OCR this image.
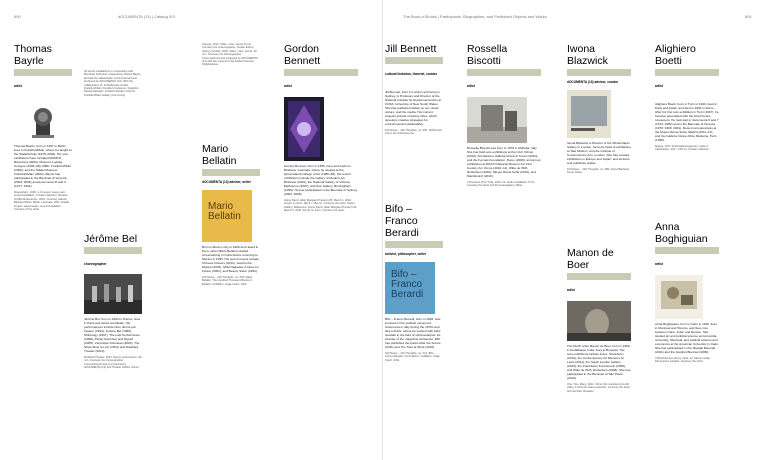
690	dOCUMENTA (13) | Catalog 3/3
Thomas Bayrle
artist
Thomas Bayrle, born in 1937 in Berlin, lives in Frankfurt/Main, where he taught at the Städelschule (1975–2002). His solo exhibitions have included MAMCO, Barcelona (2009), Museum Ludwig, Cologne (2006–09), MMK, Frankfurt/Main (2006), and the Städel Museum, Frankfurt/Main (2002). Bayrle has participated in the Biennale di Venezia (2003; 2009) and documenta III and II (1977; 1964).
Rosenkranz, 2009. 1-ch sound, seven-part, sound installation. Private collection. Rosarie-Ich-Bei-Rosenkranz, 2010. Courtesy Galerie Barbara Weiss, Berlin. Laminate, 2011. Radial engine, sewed seam, sound installation. Courtesy of the artist.
All sound installations in cooperation with Bernhard Schreiner, engineering: Robert Bayrle and Helmut Jakubowski. Commissioned and produced by dOCUMENTA (13). With the collaboration of: Schaufenster GmbH. Frankfurt/Main; Frankfurt Cantorum; Frankfurt Passionstheater; Frankfurt Modern Church; Frankfurt/Main Gallery Community.
Jérôme Bel
choreographer
Jérôme Bel, born in 1964 in France, lives in Paris and works worldwide. His performances include Nom donné par l'auteur (1994), Jérôme Bel (1995), Shirtology (1997), The Last Performance (1998), Pichet Klunchun and Myself (2005), Véronique Doisneau (2004), The Show Must Go On (2001) and Disabled Theater (2012).
Disabled Theater, 2012. Dance performance. 90 min. Courtesy the choreographer. Commissioned and co-produced by dOCUMENTA (13) and Theater HORA, Zurich.
Canvas, 2010. Video, color, sound. 8 min. Courtesy the choreographer. Kodwo Eshun. Acting in Public, 2010. Video, color, sound. 20 min. Courtesy the choreographer. Commissioned and produced by dOCUMENTA (13) with the support of the Institut Français d'Afghanistan.
Mario Bellatin
dOCUMENTA (13) adviser, writer
Mario
Bellatin
Born in Mexico City in 1960 and raised in Peru, writer Mario Bellatin studied screenwriting in Cuba before returning to Mexico in 1995. His recent novels include Chinese Flowers (2012), Jacobo the Mutant (2002), Shiki Nagaoka: A Nose for Fiction (2001), and Beauty Salon (1994).
100 Notes – 100 Thoughts, no. 003. Mario Bellatin, The Hundred Thousand Books of Bellatin. Ostfildern: Hatje Cantz, 2011.
Gordon Bennett
artist
Gordon Bennett, born in 1955, lives and works in Brisbane, Australia, where he studied at the Queensland College of Art (1986–88). His recent exhibitions include the Gallery of Modern Art, Brisbane (2010), the National Gallery of Victoria, Melbourne (2007), and Ikon Gallery, Birmingham (1999). He has participated in the Biennale of Sydney (2000; 2008).
Home Décor (after Margaret Preston) #5, March 1, 2010. Acrylic on linen. 152.5 × 152 cm. Courtesy the artist, Sutton Gallery, Melbourne. Home Décor (after Margaret Preston) #6, March 3, 2010. Acrylic on linen. Courtesy the artist.
The Book of Books | Participants, Biographies, and Published Objects and Works	691
Jill Bennett
cultural historian, theorist, curator
Jill Bennett, born in London and living in Sydney, is Professor and Director of the National Institute for Experimental Arts at COFA, University of New South Wales. She has published widely on art, visual culture, and the media. Her current projects include Cooking Cities, which develops creative strategies for environmental sustainability.
100 Notes – 100 Thoughts, no. 053. Jill Bennett, Life in the Anthropocene.
Bifo – Franco Berardi
activist, philosopher, writer
Bifo –
Franco
Berardi
Bifo – Franco Berardi, born in 1949, was involved in the political movement Autonomia in Italy during the 1970s and fled to Paris, where he worked with Félix Guattari in the field of schizoanalysis. As founder of the magazine A/traverso, Bifo has published the books After the Future (2011) and The Soul at Work (2010).
100 Notes – 100 Thoughts, no. 021. Bifo – Franco Berardi, Ironic Ethics. Ostfildern: Hatje Cantz, 2011.
Rossella Biscotti
artist
Rossella Biscotti was born in 1978 in Molfetta, Italy. She has held solo exhibitions at the CAC Vilnius (2012), Fondazione Galleria Civica di Trento (2010), and the Fermas Foundation, Rome (2009), and group exhibitions at MAXXI National Museum for 21st Century Art, Rome (2010–11), Witte de With, Rotterdam (2010), Museo Reina Sofía (2010), and Manifesta 8 (2010).
Il Processo (The Trial), 2010–12. Audio installation, 8 hrs. Courtesy the artist and Prometeogallery, Milan.
Iwona Blazwick
dOCUMENTA (13) adviser, curator
Iwona Blazwick is Director of the Whitechapel Gallery in London, formerly head of exhibitions at Tate Modern, and the Institute of Contemporary Arts, London. She has curated exhibitions in Europe and Japan, and lectures and publishes widely.
100 Notes – 100 Thoughts, no. 080. Iwona Blazwick, Some Notes.
Manon de Boer
artist
The Dutch artist Manon de Boer, born in 1966 in Kodaikanal, India, lives in Brussels. Her solo exhibitions include Index, Stockholm (2010), the Contemporary Art Museum St. Louis (2011), the South London Gallery (2010), the Frankfurter Kunstverein (2008), and Witte de With, Rotterdam (2008). She has participated in the Biennale di São Paulo (2010).
One, Two, Many, 2012. 16mm film transferred to HD video, 3-channel video projection. Courtesy the artist and Jan Mot, Brussels.
Alighiero Boetti
artist
Alighiero Boetti, born in Turin in 1940, lived in Paris and Kabul, and died in 1994 in Rome. After his first solo exhibition in Turin (1967), he became associated with the Arte Povera movement. He took part in documenta 5 and 7 (1972; 1982) and in the Biennale di Venezia (1978; 1990; 2001). Recent retrospectives at the Museo Reina Sofía, Madrid (2011–12), and the Galleria Civica d'Arte Moderna, Turin (1996).
Mappa, 1971. Embroidered tapestry made in Afghanistan. 140 × 235 cm. Private collection.
Anna Boghiguian
artist
Anna Boghiguian, born in Cairo in 1946, lives in Montreal and Toronto, and lives now between Cairo, India, and Europe. She studied art and political science at Concordia University, Montreal, and political science and economics at the American University in Cairo. She has participated in the Sharjah Biennial (2011) and the Istanbul Biennial (2009).
Unfinished Symphony, 2011–12. Mixed media. Dimensions variable. Courtesy the artist.
